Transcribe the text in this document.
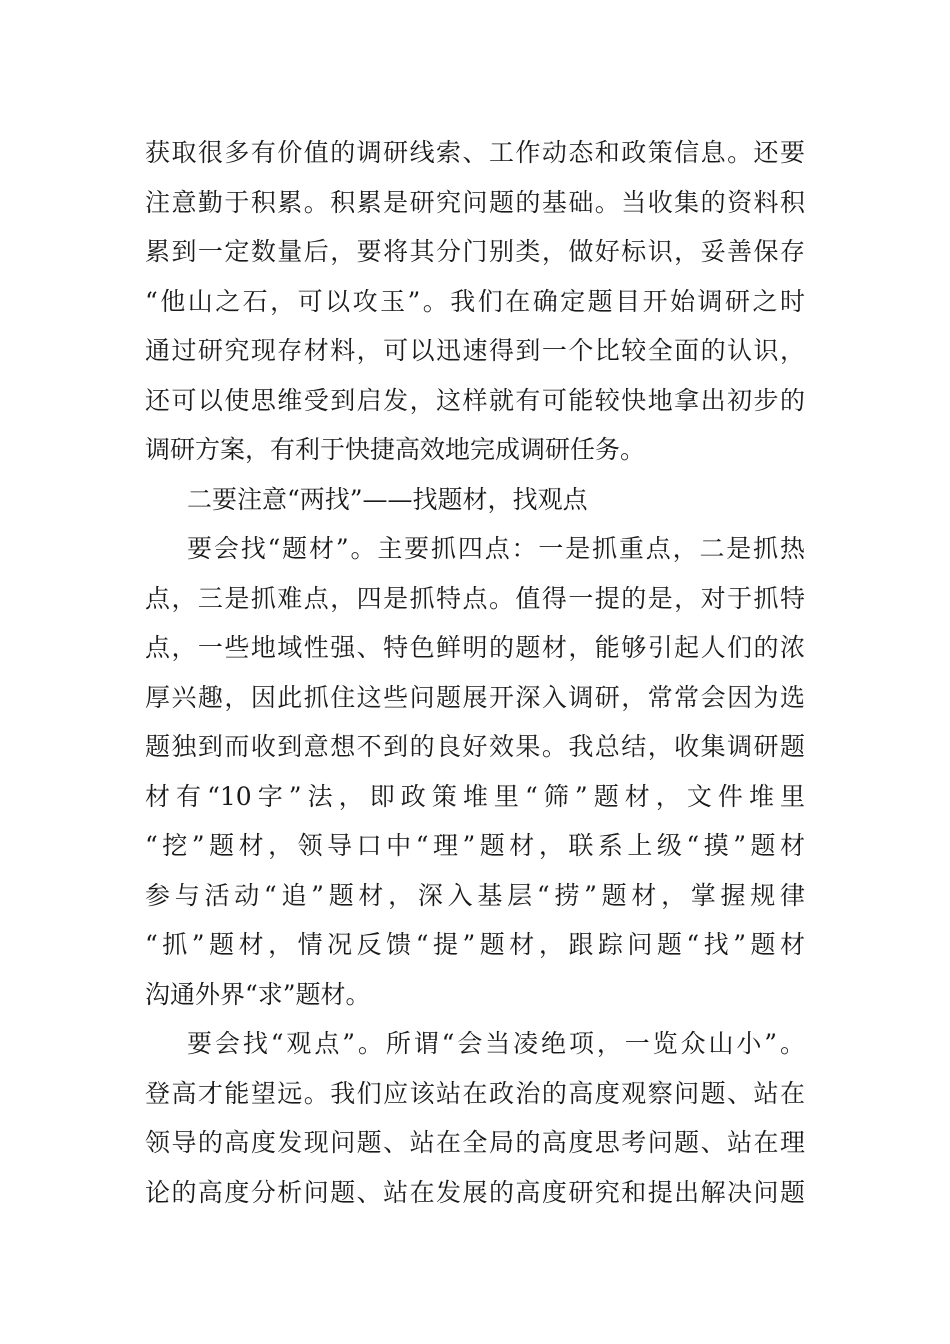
获取很多有价值的调研线索、工作动态和政策信息。还要
注意勤于积累。积累是研究问题的基础。当收集的资料积
累到一定数量后，要将其分门别类，做好标识，妥善保存
“他山之石，可以攻玉”。我们在确定题目开始调研之时
通过研究现存材料，可以迅速得到一个比较全面的认识，
还可以使思维受到启发，这样就有可能较快地拿出初步的
调研方案，有利于快捷高效地完成调研任务。
二要注意“两找”——找题材，找观点
要会找“题材”。主要抓四点：一是抓重点，二是抓热
点，三是抓难点，四是抓特点。值得一提的是，对于抓特
点，一些地域性强、特色鲜明的题材，能够引起人们的浓
厚兴趣，因此抓住这些问题展开深入调研，常常会因为选
题独到而收到意想不到的良好效果。我总结，收集调研题
材有“10字”法，即政策堆里“筛”题材，文件堆里
“挖”题材，领导口中“理”题材，联系上级“摸”题材
参与活动“追”题材，深入基层“捞”题材，掌握规律
“抓”题材，情况反馈“提”题材，跟踪问题“找”题材
沟通外界“求”题材。
要会找“观点”。所谓“会当凌绝项，一览众山小”。
登高才能望远。我们应该站在政治的高度观察问题、站在
领导的高度发现问题、站在全局的高度思考问题、站在理
论的高度分析问题、站在发展的高度研究和提出解决问题
